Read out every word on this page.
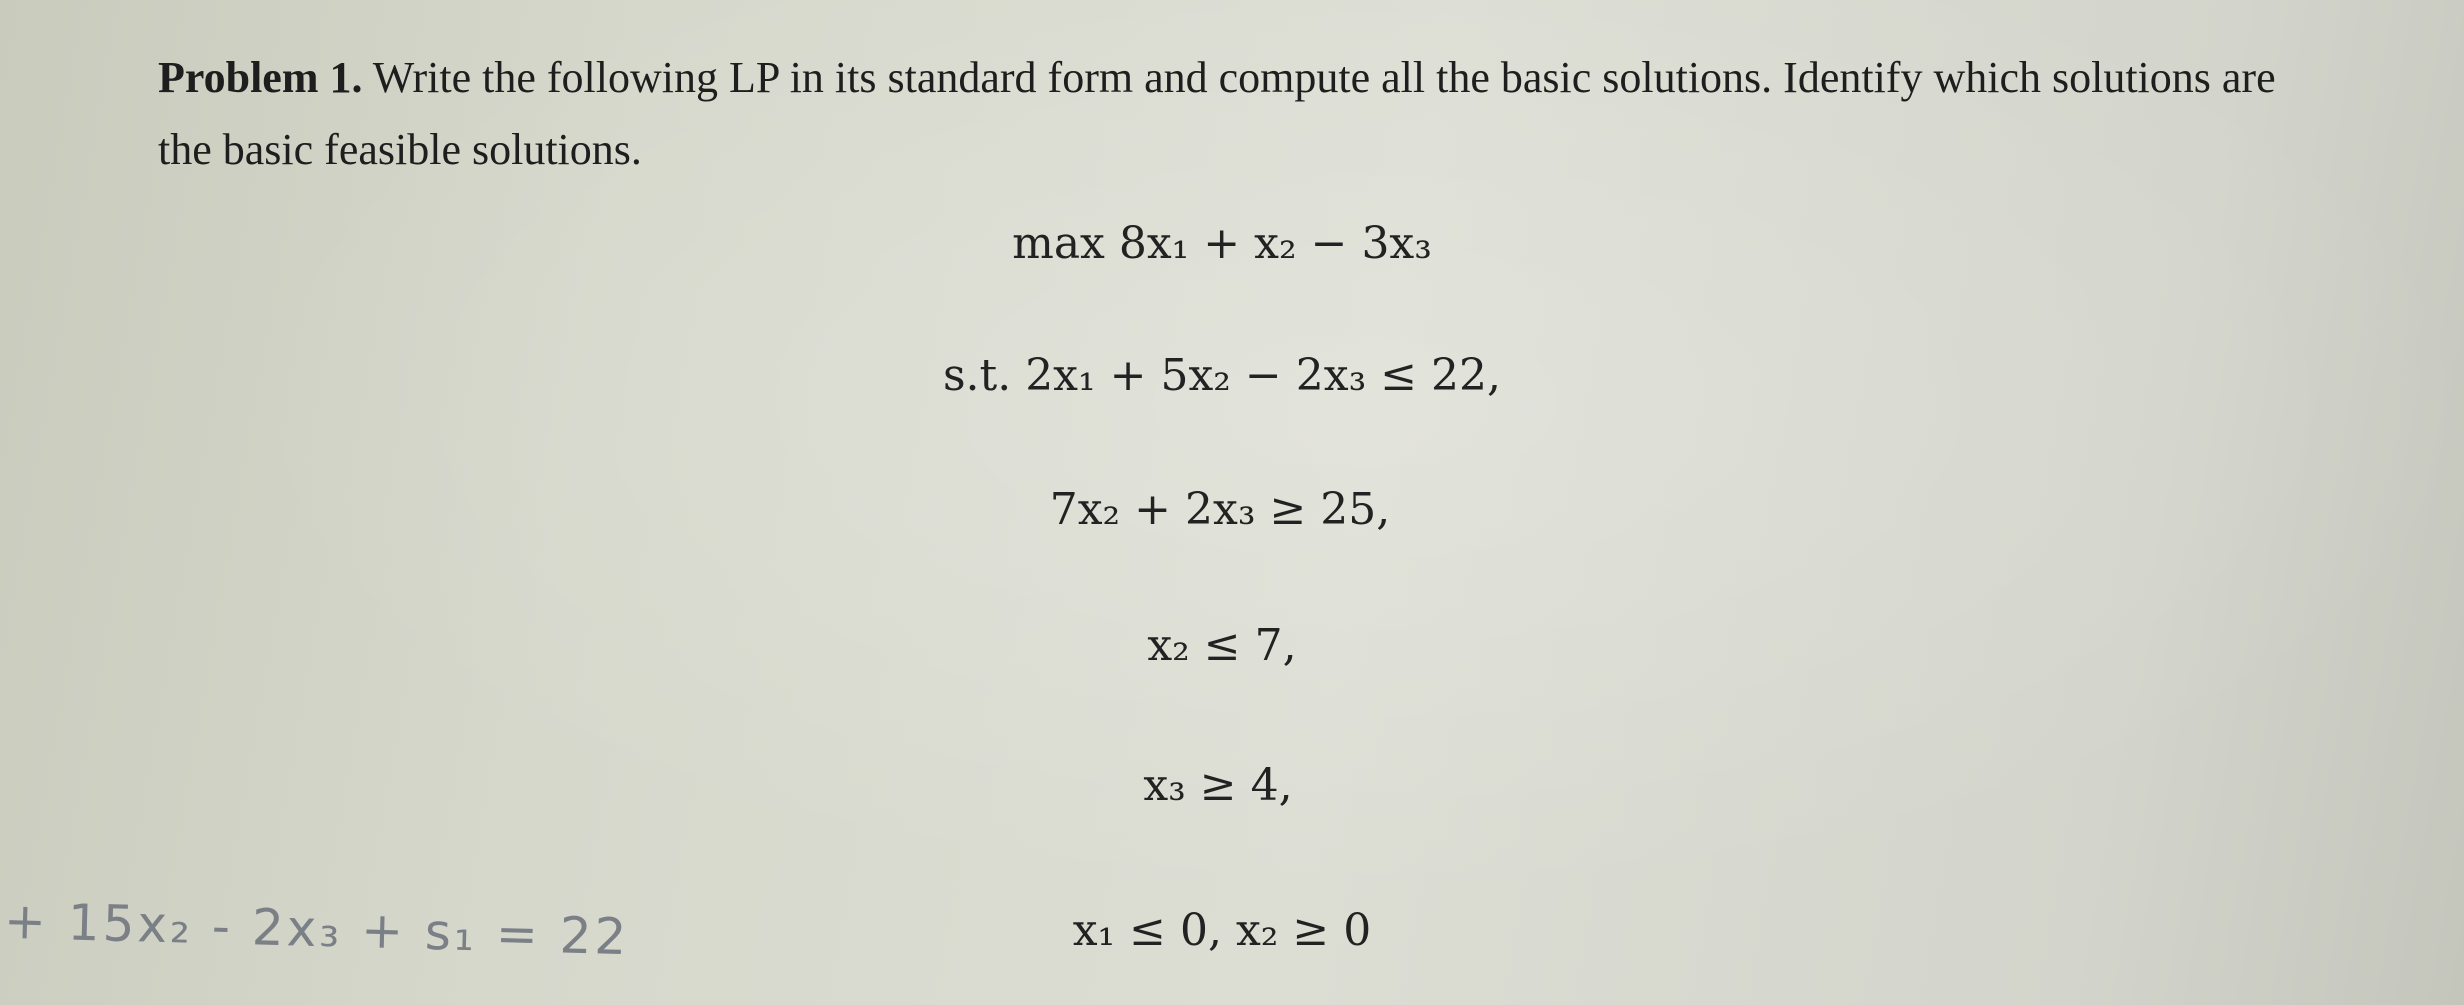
Problem 1. Write the following LP in its standard form and compute all the basic solutions. Identify which solutions are the basic feasible solutions.
max 8x₁ + x₂ − 3x₃
s.t. 2x₁ + 5x₂ − 2x₃ ≤ 22,
7x₂ + 2x₃ ≥ 25,
x₂ ≤ 7,
x₃ ≥ 4,
x₁ ≤ 0, x₂ ≥ 0
+ 15x₂ - 2x₃ + s₁ = 22
